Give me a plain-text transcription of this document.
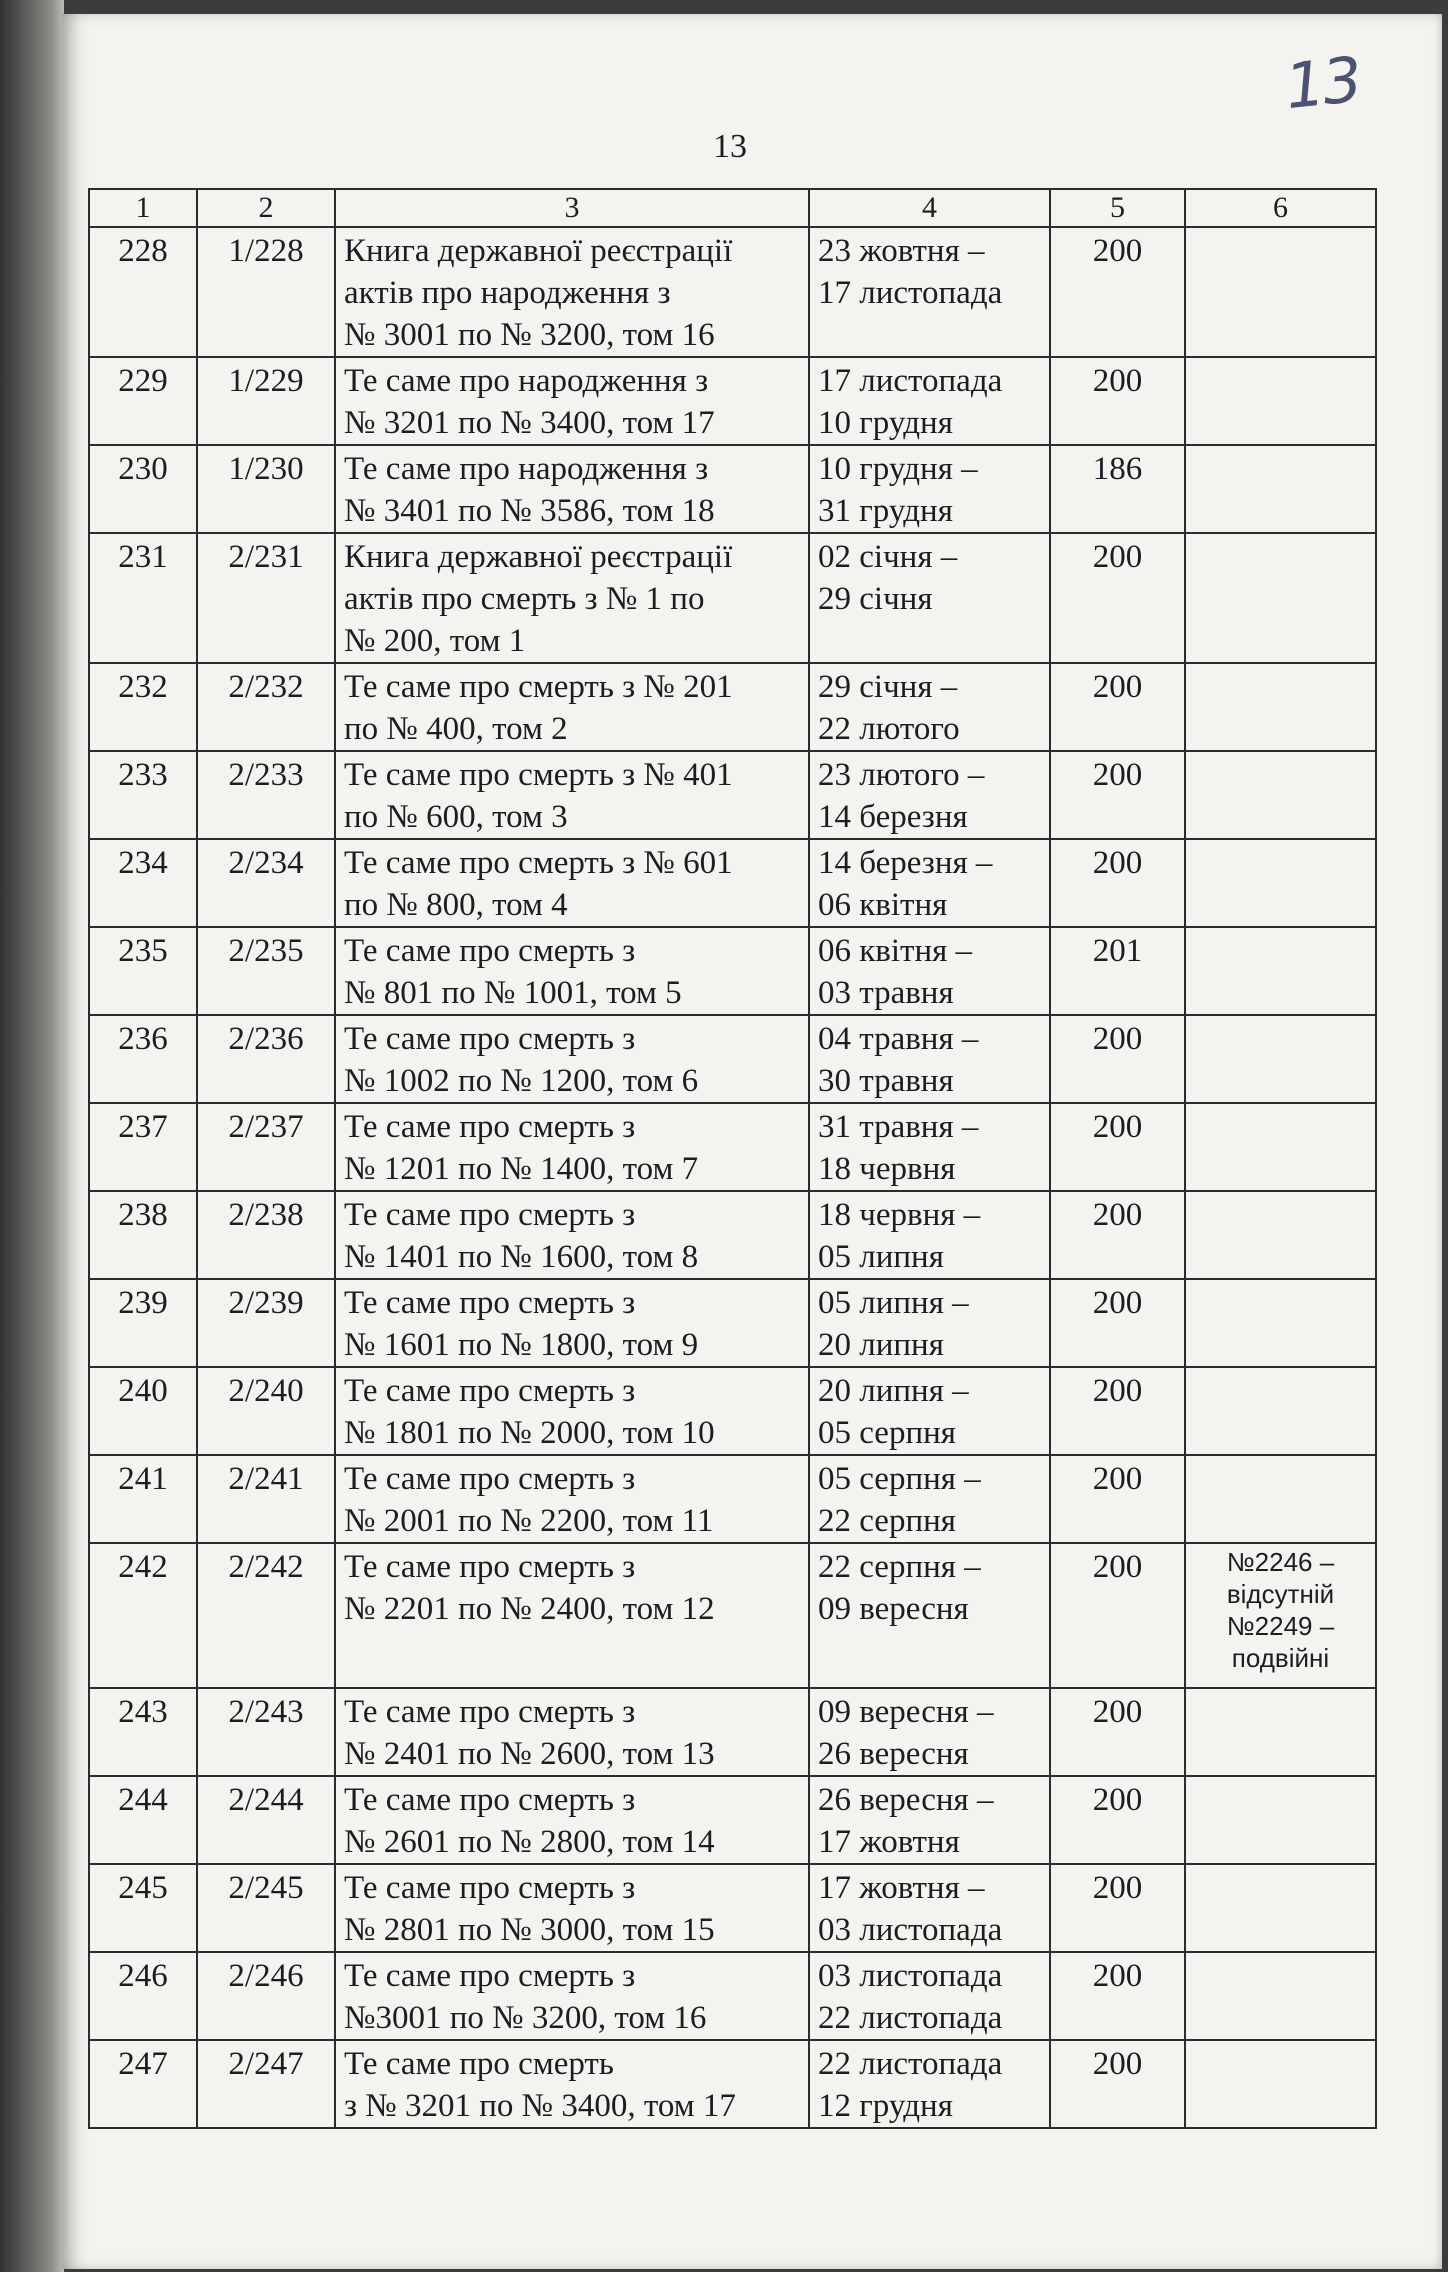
13
13
1	2	3	4	5	6
228	1/228	Книга державної реєстрації
актів про народження з
№ 3001 по № 3200, том 16	23 жовтня –
17 листопада	200	
229	1/229	Те саме про народження з
№ 3201 по № 3400, том 17	17 листопада
10 грудня	200	
230	1/230	Те саме про народження з
№ 3401 по № 3586, том 18	10 грудня –
31 грудня	186	
231	2/231	Книга державної реєстрації
актів про смерть з № 1 по
№ 200, том 1	02 січня –
29 січня	200	
232	2/232	Те саме про смерть з № 201
по № 400, том 2	29 січня –
22 лютого	200	
233	2/233	Те саме про смерть з № 401
по № 600, том 3	23 лютого –
14 березня	200	
234	2/234	Те саме про смерть з № 601
по № 800, том 4	14 березня –
06 квітня	200	
235	2/235	Те саме про смерть з
№ 801 по № 1001, том 5	06 квітня –
03 травня	201	
236	2/236	Те саме про смерть з
№ 1002 по № 1200, том 6	04 травня –
30 травня	200	
237	2/237	Те саме про смерть з
№ 1201 по № 1400, том 7	31 травня –
18 червня	200	
238	2/238	Те саме про смерть з
№ 1401 по № 1600, том 8	18 червня –
05 липня	200	
239	2/239	Те саме про смерть з
№ 1601 по № 1800, том 9	05 липня –
20 липня	200	
240	2/240	Те саме про смерть з
№ 1801 по № 2000, том 10	20 липня –
05 серпня	200	
241	2/241	Те саме про смерть з
№ 2001 по № 2200, том 11	05 серпня –
22 серпня	200	
242	2/242	Те саме про смерть з
№ 2201 по № 2400, том 12	22 серпня –
09 вересня	200	№2246 –
відсутній
№2249 –
подвійні
243	2/243	Те саме про смерть з
№ 2401 по № 2600, том 13	09 вересня –
26 вересня	200	
244	2/244	Те саме про смерть з
№ 2601 по № 2800, том 14	26 вересня –
17 жовтня	200	
245	2/245	Те саме про смерть з
№ 2801 по № 3000, том 15	17 жовтня –
03 листопада	200	
246	2/246	Те саме про смерть з
№3001 по № 3200, том 16	03 листопада
22 листопада	200	
247	2/247	Те саме про смерть
з № 3201 по № 3400, том 17	22 листопада
12 грудня	200	
